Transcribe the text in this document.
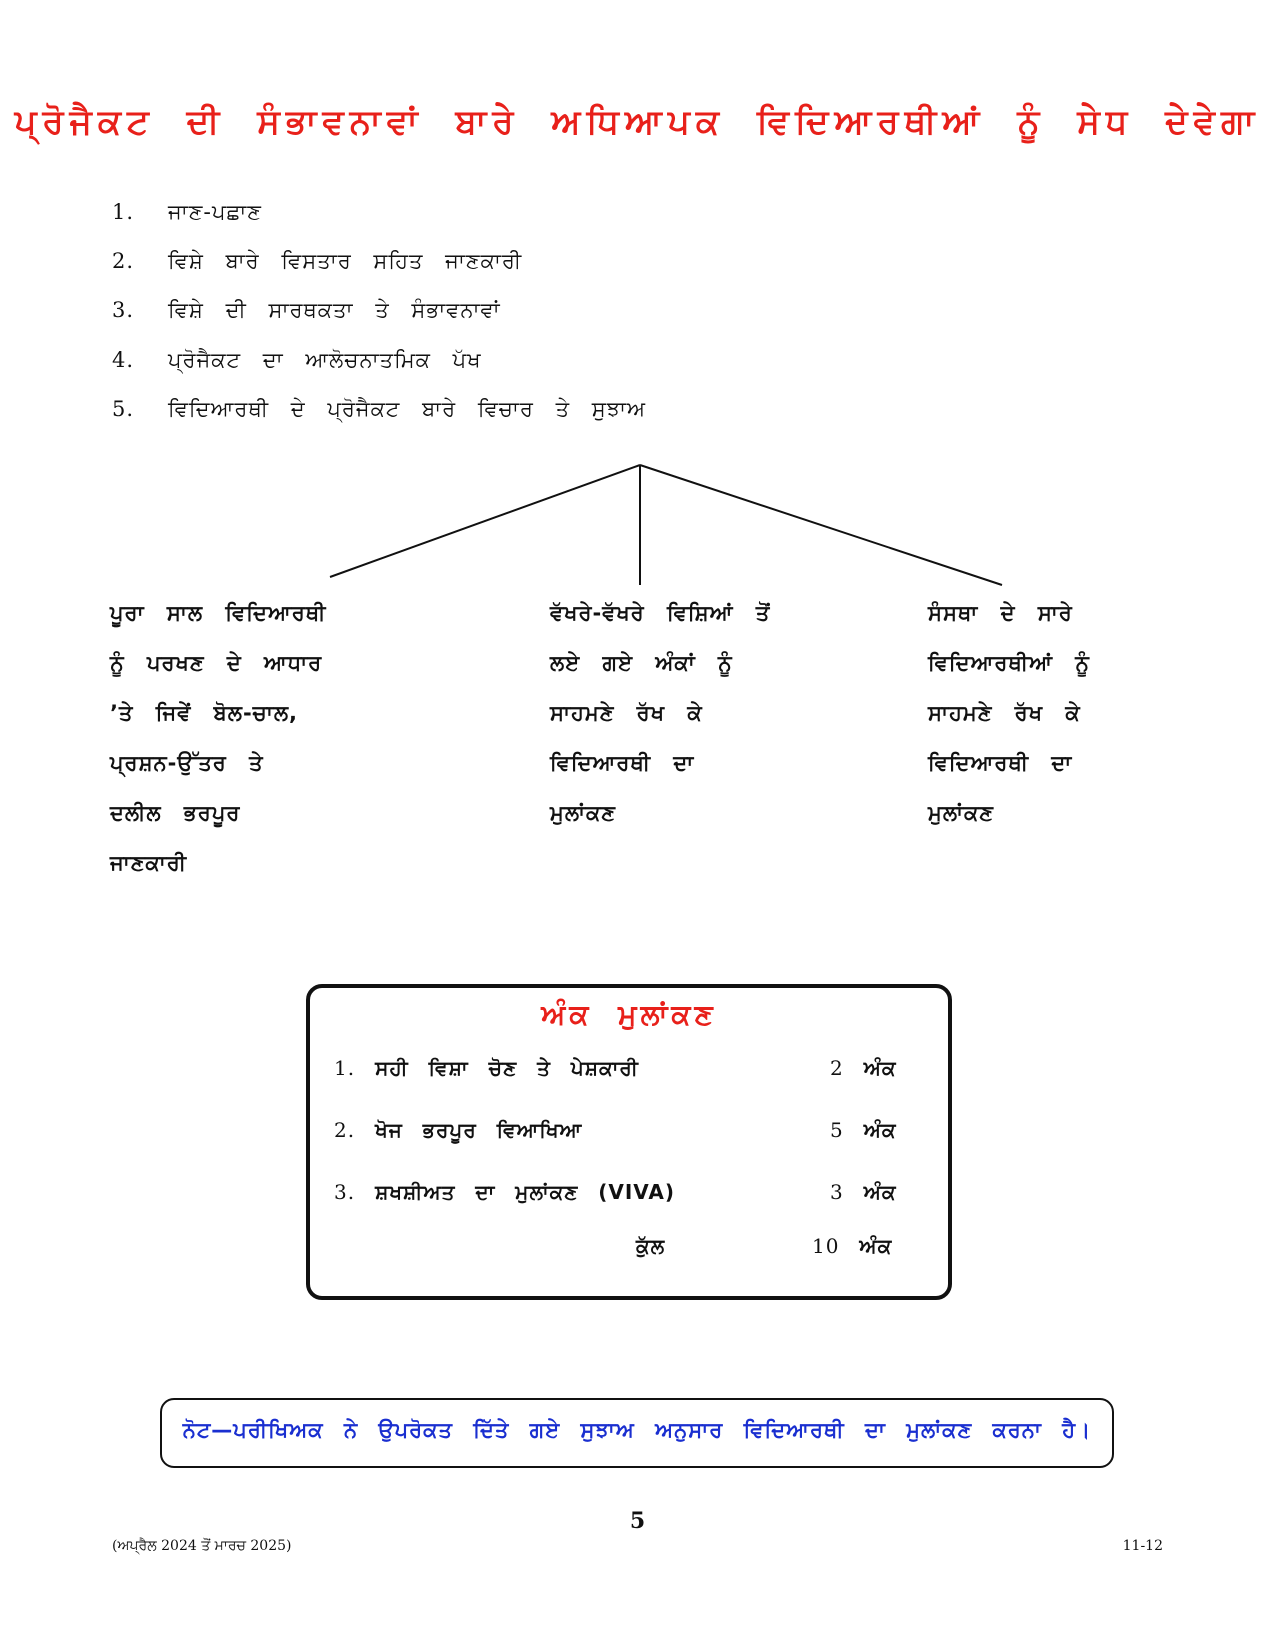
ਪ੍ਰੋਜੈਕਟ ਦੀ ਸੰਭਾਵਨਾਵਾਂ ਬਾਰੇ ਅਧਿਆਪਕ ਵਿਦਿਆਰਥੀਆਂ ਨੂੰ ਸੇਧ ਦੇਵੇਗਾ
1. ਜਾਣ-ਪਛਾਣ
2. ਵਿਸ਼ੇ ਬਾਰੇ ਵਿਸਤਾਰ ਸਹਿਤ ਜਾਣਕਾਰੀ
3. ਵਿਸ਼ੇ ਦੀ ਸਾਰਥਕਤਾ ਤੇ ਸੰਭਾਵਨਾਵਾਂ
4. ਪ੍ਰੋਜੈਕਟ ਦਾ ਆਲੋਚਨਾਤਮਿਕ ਪੱਖ
5. ਵਿਦਿਆਰਥੀ ਦੇ ਪ੍ਰੋਜੈਕਟ ਬਾਰੇ ਵਿਚਾਰ ਤੇ ਸੁਝਾਅ
ਪੂਰਾ ਸਾਲ ਵਿਦਿਆਰਥੀ
ਨੂੰ ਪਰਖਣ ਦੇ ਆਧਾਰ
’ਤੇ ਜਿਵੇਂ ਬੋਲ-ਚਾਲ,
ਪ੍ਰਸ਼ਨ-ਉੱਤਰ ਤੇ
ਦਲੀਲ ਭਰਪੂਰ
ਜਾਣਕਾਰੀ
ਵੱਖਰੇ-ਵੱਖਰੇ ਵਿਸ਼ਿਆਂ ਤੋਂ
ਲਏ ਗਏ ਅੰਕਾਂ ਨੂੰ
ਸਾਹਮਣੇ ਰੱਖ ਕੇ
ਵਿਦਿਆਰਥੀ ਦਾ
ਮੁਲਾਂਕਣ
ਸੰਸਥਾ ਦੇ ਸਾਰੇ
ਵਿਦਿਆਰਥੀਆਂ ਨੂੰ
ਸਾਹਮਣੇ ਰੱਖ ਕੇ
ਵਿਦਿਆਰਥੀ ਦਾ
ਮੁਲਾਂਕਣ
ਅੰਕ ਮੁਲਾਂਕਣ
1. ਸਹੀ ਵਿਸ਼ਾ ਚੋਣ ਤੇ ਪੇਸ਼ਕਾਰੀ	2 ਅੰਕ
2. ਖੋਜ ਭਰਪੂਰ ਵਿਆਖਿਆ	5 ਅੰਕ
3. ਸ਼ਖਸ਼ੀਅਤ ਦਾ ਮੁਲਾਂਕਣ (VIVA)	3 ਅੰਕ
ਕੁੱਲ	10 ਅੰਕ
ਨੋਟ—ਪਰੀਖਿਅਕ ਨੇ ਉਪਰੋਕਤ ਦਿੱਤੇ ਗਏ ਸੁਝਾਅ ਅਨੁਸਾਰ ਵਿਦਿਆਰਥੀ ਦਾ ਮੁਲਾਂਕਣ ਕਰਨਾ ਹੈ।
5
(ਅਪ੍ਰੈਲ 2024 ਤੋਂ ਮਾਰਚ 2025)	11-12
